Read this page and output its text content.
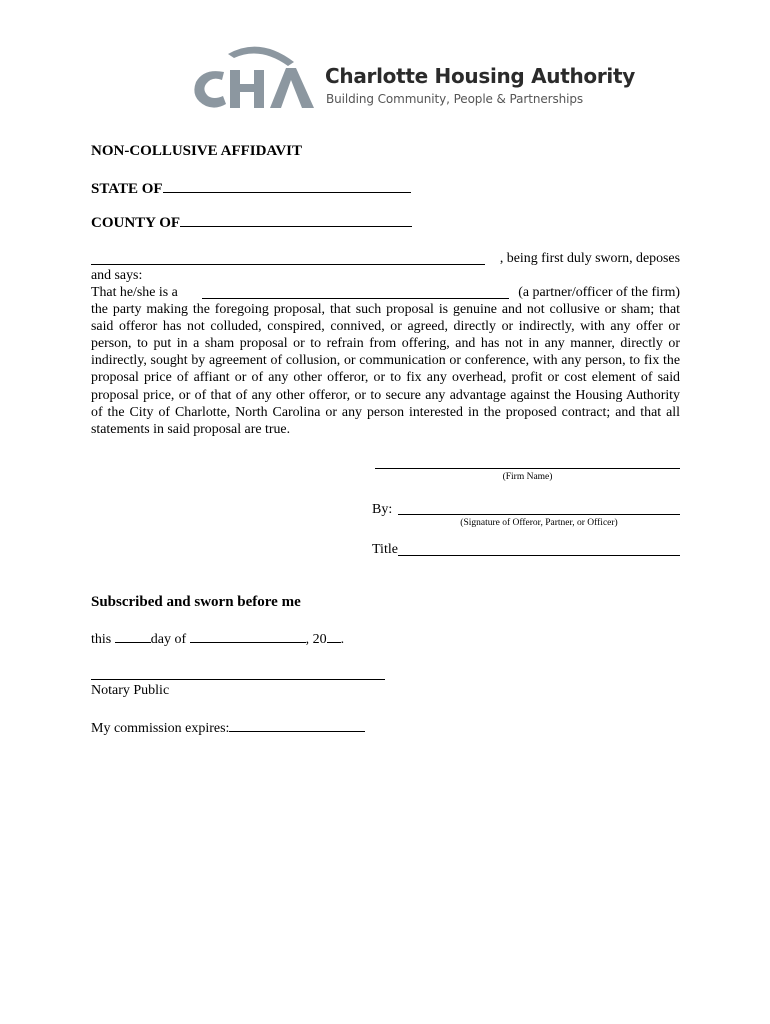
Charlotte Housing Authority
Building Community, People & Partnerships
NON-COLLUSIVE AFFIDAVIT
STATE OF
COUNTY OF
, being first duly sworn, deposes
and says:
That he/she is a	(a partner/officer of the firm)

the party making the foregoing proposal, that such proposal is genuine and not collusive or sham; that said offeror has not colluded, conspired, connived, or agreed, directly or indirectly, with any offer or person, to put in a sham proposal or to refrain from offering, and has not in any manner, directly or indirectly, sought by agreement of collusion, or communication or conference, with any person, to fix the proposal price of affiant or of any other offeror, or to fix any overhead, profit or cost element of said proposal price, or of that of any other offeror, or to secure any advantage against the Housing Authority of the City of Charlotte, North Carolina or any person interested in the proposed contract; and that all statements in said proposal are true.

(Firm Name)
By:
(Signature of Offeror, Partner, or Officer)
Title
Subscribed and sworn before me
this	day of	, 20 .
Notary Public
My commission expires:
